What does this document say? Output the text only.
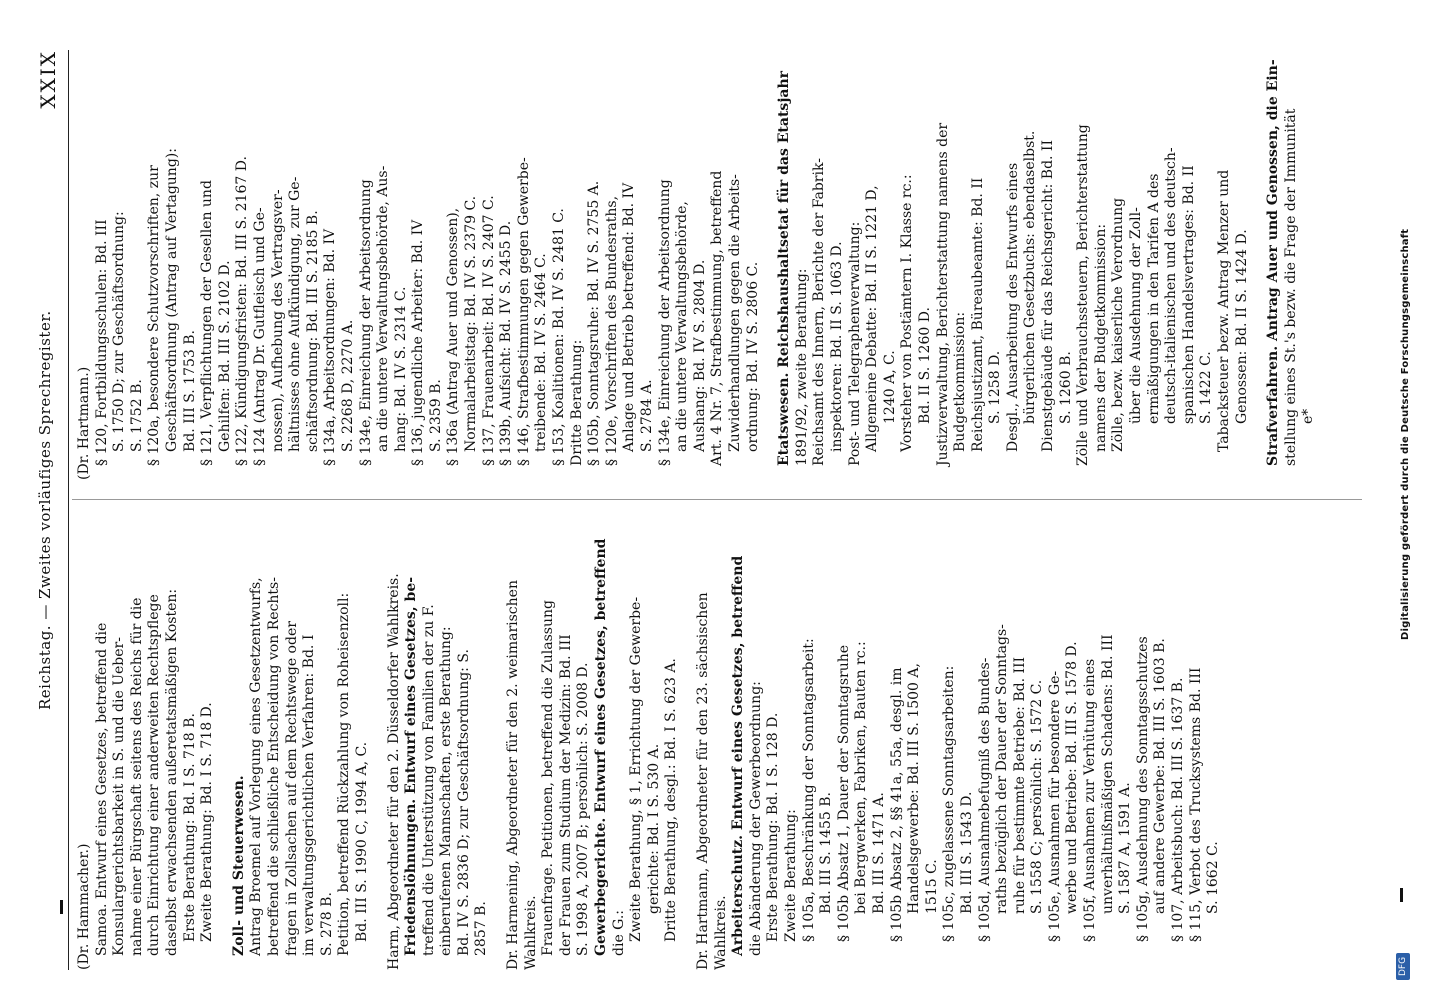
Reichstag. — Zweites vorläufiges Sprechregister.
XXIX
(Dr. Hammacher.) Samoa. Entwurf eines Gesetzes, betreffend die Konsulargerichtsbarkeit in S. und die Ueber- nahme einer Bürgschaft seitens des Reichs für die durch Einrichtung einer anderweiten Rechtspflege daselbst erwachsenden außeretatsmäßigen Kosten: Erste Berathung: Bd. I S. 718 B. Zweite Berathung: Bd. I S. 718 D. Zoll- und Steuerwesen. Antrag Broemel auf Vorlegung eines Gesetzentwurfs, betreffend die schließliche Entscheidung von Rechts- fragen in Zollsachen auf dem Rechtswege oder im verwaltungsgerichtlichen Verfahren: Bd. I S. 278 B. Petition, betreffend Rückzahlung von Roheisenzoll: Bd. III S. 1990 C, 1994 A, C. Harm, Abgeordneter für den 2. Düsseldorfer Wahlkreis. Friedenslöhnungen. Entwurf eines Gesetzes, be- treffend die Unterstützung von Familien der zu F. einberufenen Mannschaften, erste Berathung: Bd. IV S. 2836 D; zur Geschäftsordnung: S. 2857 B. Dr. Harmening, Abgeordneter für den 2. weimarischen Wahlkreis. Frauenfrage. Petitionen, betreffend die Zulassung der Frauen zum Studium der Medizin: Bd. III S. 1998 A, 2007 B; persönlich: S. 2008 D. Gewerbegerichte. Entwurf eines Gesetzes, betreffend die G.: Zweite Berathung, § 1, Errichtung der Gewerbe- gerichte: Bd. I S. 530 A. Dritte Berathung, desgl.: Bd. I S. 623 A. Dr. Hartmann, Abgeordneter für den 23. sächsischen Wahlkreis. Arbeiterschutz. Entwurf eines Gesetzes, betreffend die Abänderung der Gewerbeordnung: Erste Berathung: Bd. I S. 128 D. Zweite Berathung: § 105a, Beschränkung der Sonntagsarbeit: Bd. III S. 1455 B. § 105b Absatz 1, Dauer der Sonntagsruhe bei Bergwerken, Fabriken, Bauten rc.: Bd. III S. 1471 A. § 105b Absatz 2, §§ 41a, 55a, desgl. im Handelsgewerbe: Bd. III S. 1500 A, 1515 C. § 105c, zugelassene Sonntagsarbeiten: Bd. III S. 1543 D. § 105d, Ausnahmebefugniß des Bundes- raths bezüglich der Dauer der Sonntags- ruhe für bestimmte Betriebe: Bd. III S. 1558 C; persönlich: S. 1572 C. § 105e, Ausnahmen für besondere Ge- werbe und Betriebe: Bd. III S. 1578 D. § 105f, Ausnahmen zur Verhütung eines unverhältnißmäßigen Schadens: Bd. III S. 1587 A, 1591 A. § 105g, Ausdehnung des Sonntagsschutzes auf andere Gewerbe: Bd. III S. 1603 B. § 107, Arbeitsbuch: Bd. III S. 1637 B. § 115, Verbot des Trucksystems Bd. III S. 1662 C.
(Dr. Hartmann.) § 120, Fortbildungsschulen: Bd. III S. 1750 D; zur Geschäftsordnung: S. 1752 B. § 120a, besondere Schutzvorschriften, zur Geschäftsordnung (Antrag auf Vertagung): Bd. III S. 1753 B. § 121, Verpflichtungen der Gesellen und Gehilfen: Bd. III S. 2102 D. § 122, Kündigungsfristen: Bd. III S. 2167 D. § 124 (Antrag Dr. Gutfleisch und Ge- nossen), Aufhebung des Vertragsver- hältnisses ohne Aufkündigung, zur Ge- schäftsordnung: Bd. III S. 2185 B. § 134a, Arbeitsordnungen: Bd. IV S. 2268 D, 2270 A. § 134e, Einreichung der Arbeitsordnung an die untere Verwaltungsbehörde, Aus- hang: Bd. IV S. 2314 C. § 136, jugendliche Arbeiter: Bd. IV S. 2359 B. § 136a (Antrag Auer und Genossen), Normalarbeitstag: Bd. IV S. 2379 C. § 137, Frauenarbeit: Bd. IV S. 2407 C. § 139b, Aufsicht: Bd. IV S. 2455 D. § 146, Strafbestimmungen gegen Gewerbe- treibende: Bd. IV S. 2464 C. § 153, Koalitionen: Bd. IV S. 2481 C. Dritte Berathung: § 105b, Sonntagsruhe: Bd. IV S. 2755 A. § 120e, Vorschriften des Bundesraths, Anlage und Betrieb betreffend: Bd. IV S. 2784 A. § 134e, Einreichung der Arbeitsordnung an die untere Verwaltungsbehörde, Aushang: Bd. IV S. 2804 D. Art. 4 Nr. 7, Strafbestimmung, betreffend Zuwiderhandlungen gegen die Arbeits- ordnung: Bd. IV S. 2806 C. Etatswesen. Reichshaushaltsetat für das Etatsjahr 1891/92, zweite Berathung: Reichsamt des Innern, Berichte der Fabrik- inspektoren: Bd. II S. 1063 D. Post- und Telegraphenverwaltung: Allgemeine Debatte: Bd. II S. 1221 D, 1240 A, C. Vorsteher von Postämtern I. Klasse rc.: Bd. II S. 1260 D. Justizverwaltung, Berichterstattung namens der Budgetkommission: Reichsjustizamt, Büreaubeamte: Bd. II S. 1258 D. Desgl., Ausarbeitung des Entwurfs eines bürgerlichen Gesetzbuchs: ebendaselbst. Dienstgebäude für das Reichsgericht: Bd. II S. 1260 B. Zölle und Verbrauchssteuern, Berichterstattung namens der Budgetkommission: Zölle, bezw. kaiserliche Verordnung über die Ausdehnung der Zoll- ermäßigungen in den Tarifen A des deutsch-italienischen und des deutsch- spanischen Handelsvertrages: Bd. II S. 1422 C. Tabacksteuer bezw. Antrag Menzer und Genossen: Bd. II S. 1424 D. Strafverfahren. Antrag Auer und Genossen, die Ein- stellung eines St.'s bezw. die Frage der Immunität e*
DFG
Digitalisierung gefördert durch die Deutsche Forschungsgemeinschaft
